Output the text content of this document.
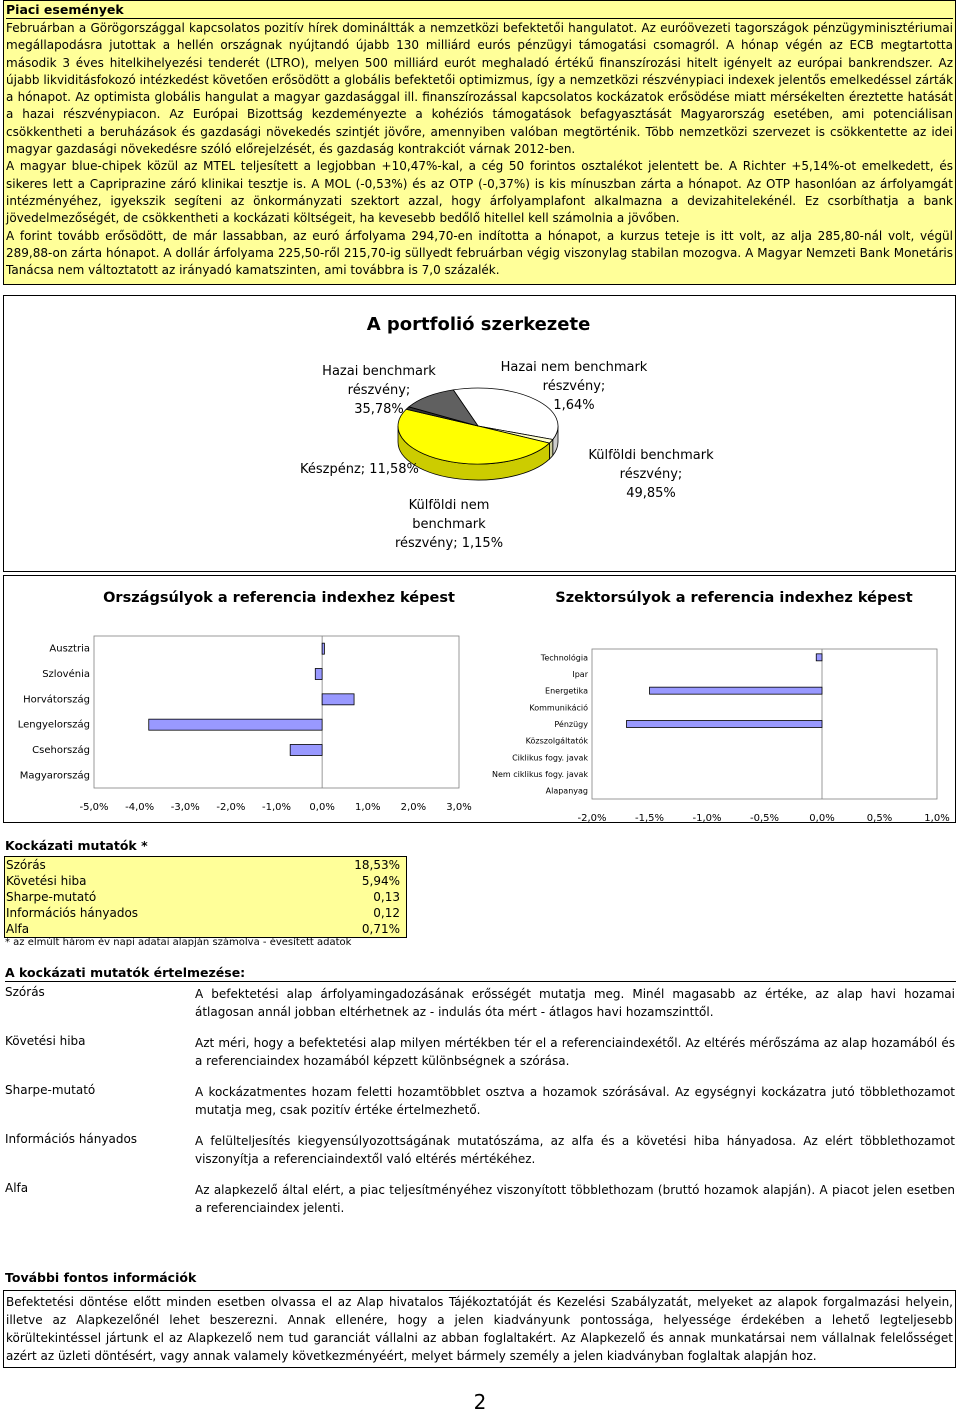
Piaci események

Februárban a Görögországgal kapcsolatos pozitív hírek domináltták a nemzetközi befektetői hangulatot. Az euróövezeti tagországok pénzügyminisztériumai megállapodásra jutottak a hellén országnak nyújtandó újabb 130 milliárd eurós pénzügyi támogatási csomagról. A hónap végén az ECB megtartotta második 3 éves hitelkihelyezési tenderét (LTRO), melyen 500 milliárd eurót meghaladó értékű finanszírozási hitelt igényelt az európai bankrendszer. Az újabb likviditásfokozó intézkedést követően erősödött a globális befektetői optimizmus, így a nemzetközi részvénypiaci indexek jelentős emelkedéssel zárták a hónapot. Az optimista globális hangulat a magyar gazdasággal ill. finanszírozással kapcsolatos kockázatok erősödése miatt mérsékelten éreztette hatását a hazai részvénypiacon. Az Európai Bizottság kezdeményezte a kohéziós támogatások befagyasztását Magyarország esetében, ami potenciálisan csökkentheti a beruházások és gazdasági növekedés szintjét jövőre, amennyiben valóban megtörténik. Több nemzetközi szervezet is csökkentette az idei magyar gazdasági növekedésre szóló előrejelzését, és gazdaság kontrakciót várnak 2012-ben.

A magyar blue-chipek közül az MTEL teljesített a legjobban +10,47%-kal, a cég 50 forintos osztalékot jelentett be. A Richter +5,14%-ot emelkedett, és sikeres lett a Capriprazine záró klinikai tesztje is. A MOL (-0,53%) és az OTP (-0,37%) is kis mínuszban zárta a hónapot. Az OTP hasonlóan az árfolyamgát intézményéhez, igyekszik segíteni az önkormányzati szektort azzal, hogy árfolyamplafont alkalmazna a devizahitelekénél. Ez csorbíthatja a bank jövedelmezőségét, de csökkentheti a kockázati költségeit, ha kevesebb bedőlő hitellel kell számolnia a jövőben.

A forint tovább erősödött, de már lassabban, az euró árfolyama 294,70-en indította a hónapot, a kurzus teteje is itt volt, az alja 285,80-nál volt, végül 289,88-on zárta hónapot. A dollár árfolyama 225,50-ről 215,70-ig süllyedt februárban végig viszonylag stabilan mozogva. A Magyar Nemzeti Bank Monetáris Tanácsa nem változtatott az irányadó kamatszinten, ami továbbra is 7,0 százalék.

A portfolió szerkezete
Hazai benchmark részvény;
35,78%
Hazai nem benchmark részvény;
1,64%
Külföldi benchmark részvény;
49,85%
Készpénz; 11,58%
Külföldi nem benchmark
részvény; 1,15%
Országsúlyok a referencia indexhez képest	Szektorsúlyok a referencia indexhez képest
Ausztria
Szlovénia
Horvátország
Lengyelország
Csehország
Magyarország
-5,0% -4,0% -3,0% -2,0% -1,0% 0,0% 1,0% 2,0% 3,0%
Technológia
Ipar
Energetika
Kommunikáció
Pénzügy
Közszolgáltatók
Ciklikus fogy. javak
Nem ciklikus fogy. javak
Alapanyag
-2,0%	-1,5%	-1,0%	-0,5%	0,0%	0,5%	1,0%
Kockázati mutatók *
Szórás	18,53%
Követési hiba	5,94%
Sharpe-mutató	0,13
Információs hányados	0,12
Alfa	0,71%
* az elmúlt három év napi adatai alapján számolva - évesített adatok
A kockázati mutatók értelmezése:
Szórás	A befektetési alap árfolyamingadozásának erősségét mutatja meg. Minél magasabb az értéke, az alap havi hozamai átlagosan annál jobban eltérhetnek az - indulás óta mért - átlagos havi hozamszinttől.
Követési hiba	Azt méri, hogy a befektetési alap milyen mértékben tér el a referenciaindexétől. Az eltérés mérőszáma az alap hozamából és a referenciaindex hozamából képzett különbségnek a szórása.
Sharpe-mutató	A kockázatmentes hozam feletti hozamtöbblet osztva a hozamok szórásával. Az egységnyi kockázatra jutó többlethozamot mutatja meg, csak pozitív értéke értelmezhető.
Információs hányados	A felülteljesítés kiegyensúlyozottságának mutatószáma, az alfa és a követési hiba hányadosa. Az elért többlethozamot viszonyítja a referenciaindextől való eltérés mértékéhez.
Alfa	Az alapkezelő által elért, a piac teljesítményéhez viszonyított többlethozam (bruttó hozamok alapján). A piacot jelen esetben a referenciaindex jelenti.
További fontos információk
Befektetési döntése előtt minden esetben olvassa el az Alap hivatalos Tájékoztatóját és Kezelési Szabályzatát, melyeket az alapok forgalmazási helyein, illetve az Alapkezelőnél lehet beszerezni. Annak ellenére, hogy a jelen kiadványunk pontossága, helyessége érdekében a lehető legteljesebb körültekintéssel jártunk el az Alapkezelő nem tud garanciát vállalni az abban foglaltakért. Az Alapkezelő és annak munkatársai nem vállalnak felelősséget azért az üzleti döntésért, vagy annak valamely következményéért, melyet bármely személy a jelen kiadványban foglaltak alapján hoz.
2
